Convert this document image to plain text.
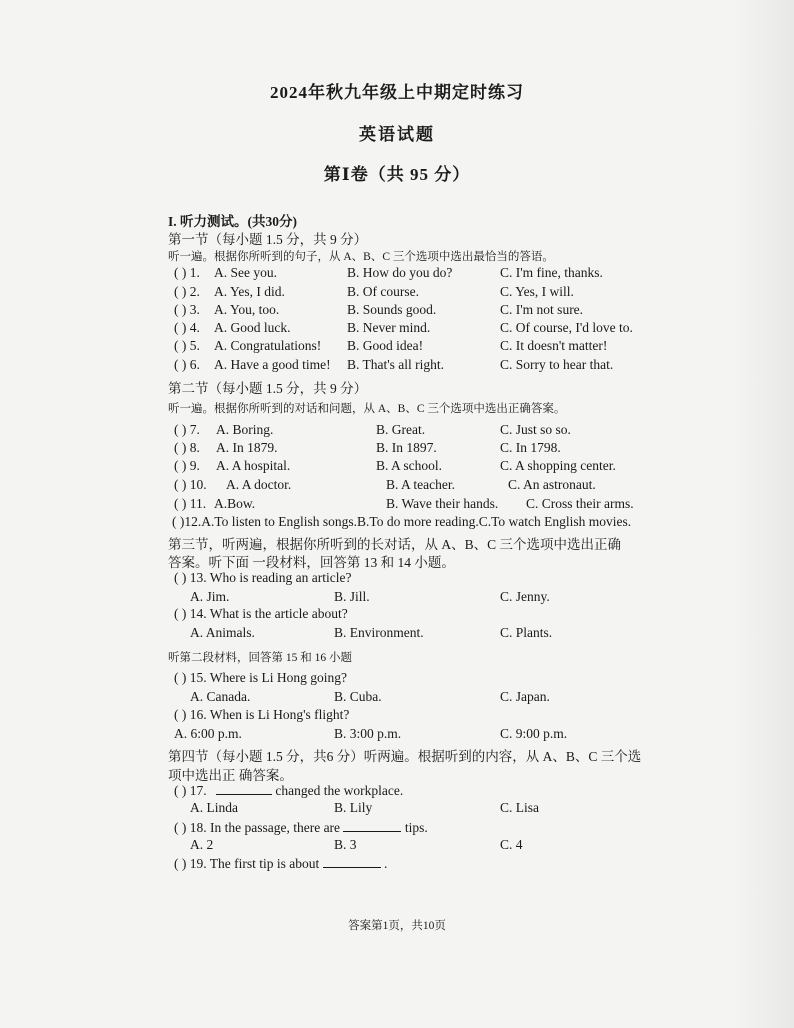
2024年秋九年级上中期定时练习
英语试题
第Ⅰ卷（共 95 分）
I. 听力测试。(共30分)
第一节（每小题 1.5 分，共 9 分）
听一遍。根据你所听到的句子，从 A、B、C 三个选项中选出最恰当的答语。
( ) 1. A. See you.	B. How do you do?	C. I'm fine, thanks.
( ) 2. A. Yes, I did.	B. Of course.	C. Yes, I will.
( ) 3. A. You, too.	B. Sounds good.	C. I'm not sure.
( ) 4. A. Good luck.	B. Never mind.	C. Of course, I'd love to.
( ) 5. A. Congratulations! B. Good idea!	C. It doesn't matter!
( ) 6. A. Have a good time! B. That's all right.	C. Sorry to hear that.
第二节（每小题 1.5 分，共 9 分）
听一遍。根据你所听到的对话和问题，从 A、B、C 三个选项中选出正确答案。
( ) 7. A. Boring.	B. Great.	C. Just so so.
( ) 8. A. In 1879.	B. In 1897.	C. In 1798.
( ) 9. A. A hospital.	B. A school.	C. A shopping center.
( ) 10. A. A doctor.	B. A teacher.	C. An astronaut.
( ) 11. A.Bow.	B. Wave their hands. C. Cross their arms.
( )12.A.To listen to English songs.B.To do more reading.C.To watch English movies.
第三节，听两遍，根据你所听到的长对话，从 A、B、C 三个选项中选出正确
答案。听下面 一段材料，回答第 13 和 14 小题。
( ) 13. Who is reading an article?
A. Jim.	B. Jill.	C. Jenny.
( ) 14. What is the article about?
A. Animals.	B. Environment.	C. Plants.
听第二段材料，回答第 15 和 16 小题
( ) 15. Where is Li Hong going?
A. Canada.	B. Cuba.	C. Japan.
( ) 16. When is Li Hong's flight?
A. 6:00 p.m.	B. 3:00 p.m.	C. 9:00 p.m.
第四节（每小题 1.5 分，共6 分）听两遍。根据听到的内容，从 A、B、C 三个选
项中选出正 确答案。
( ) 17.	changed the workplace.
A. Linda	B. Lily	C. Lisa
( ) 18. In the passage, there are	tips.
A. 2	B. 3	C. 4
( ) 19. The first tip is about	.
答案第1页，共10页
